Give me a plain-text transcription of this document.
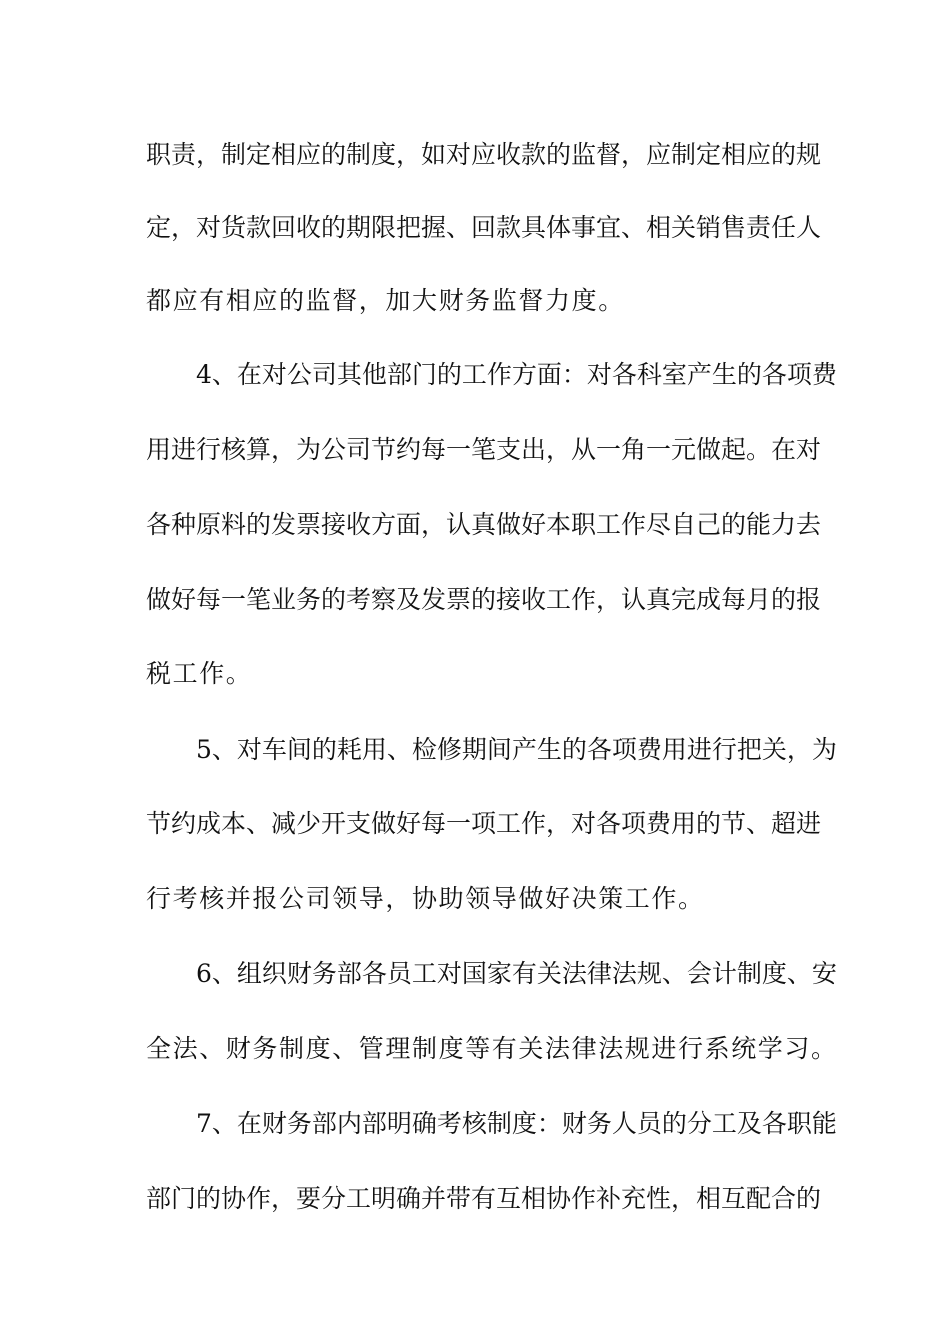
职责，制定相应的制度，如对应收款的监督，应制定相应的规
定，对货款回收的期限把握、回款具体事宜、相关销售责任人
都应有相应的监督，加大财务监督力度。
4、在对公司其他部门的工作方面：对各科室产生的各项费
用进行核算，为公司节约每一笔支出，从一角一元做起。在对
各种原料的发票接收方面，认真做好本职工作尽自己的能力去
做好每一笔业务的考察及发票的接收工作，认真完成每月的报
税工作。
5、对车间的耗用、检修期间产生的各项费用进行把关，为
节约成本、减少开支做好每一项工作，对各项费用的节、超进
行考核并报公司领导，协助领导做好决策工作。
6、组织财务部各员工对国家有关法律法规、会计制度、安
全法、财务制度、管理制度等有关法律法规进行系统学习。
7、在财务部内部明确考核制度：财务人员的分工及各职能
部门的协作，要分工明确并带有互相协作补充性，相互配合的
